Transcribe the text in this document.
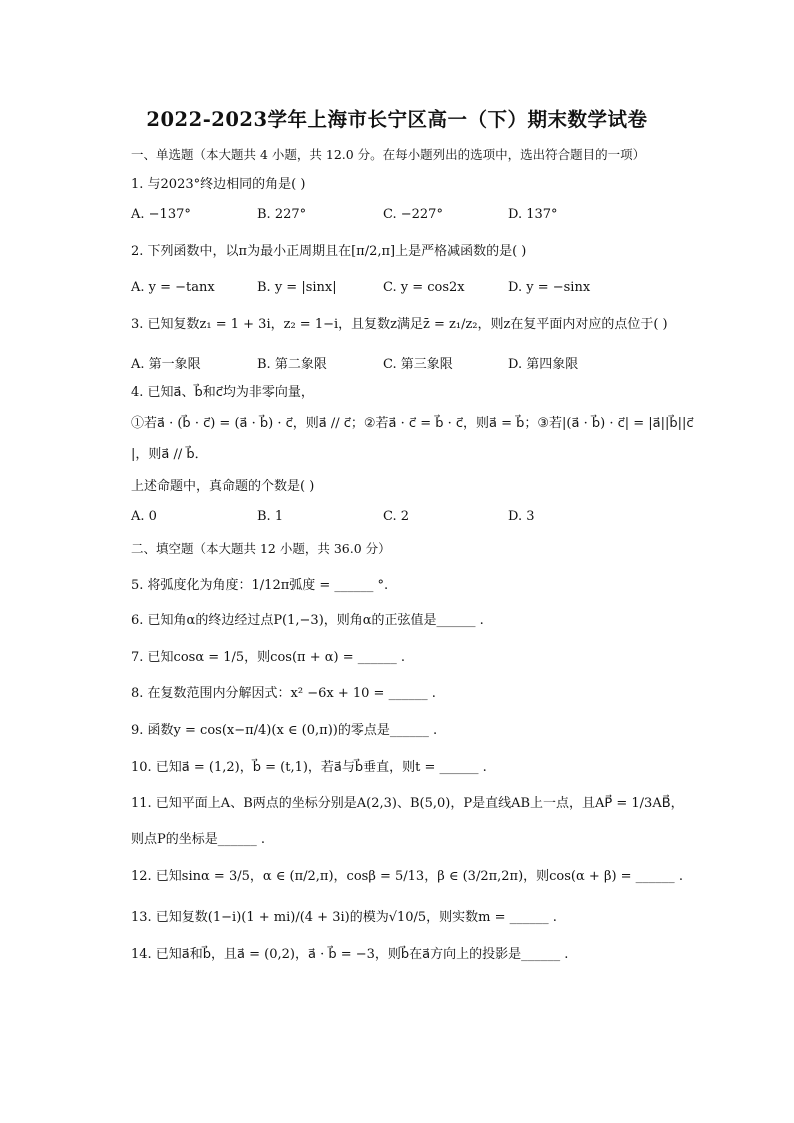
2022-2023学年上海市长宁区高一（下）期末数学试卷
一、单选题（本大题共 4 小题，共 12.0 分。在每小题列出的选项中，选出符合题目的一项）
1. 与2023°终边相同的角是( )
A. −137°	B. 227°	C. −227°	D. 137°
2. 下列函数中，以π为最小正周期且在[π/2,π]上是严格减函数的是( )
A. y = −tanx	B. y = |sinx|	C. y = cos2x	D. y = −sinx
3. 已知复数z₁ = 1 + 3i，z₂ = 1−i，且复数z满足z̄ = z₁/z₂，则z在复平面内对应的点位于( )
A. 第一象限	B. 第二象限	C. 第三象限	D. 第四象限
4. 已知a⃗、b⃗和c⃗均为非零向量，
①若a⃗ · (b⃗ · c⃗) = (a⃗ · b⃗) · c⃗，则a⃗ // c⃗；②若a⃗ · c⃗ = b⃗ · c⃗，则a⃗ = b⃗；③若|(a⃗ · b⃗) · c⃗| = |a⃗||b⃗||c⃗
|，则a⃗ // b⃗．
上述命题中，真命题的个数是( )
A. 0	B. 1	C. 2	D. 3
二、填空题（本大题共 12 小题，共 36.0 分）
5. 将弧度化为角度：1/12π弧度 = ______ °.
6. 已知角α的终边经过点P(1,−3)，则角α的正弦值是______ .
7. 已知cosα = 1/5，则cos(π + α) = ______ .
8. 在复数范围内分解因式：x² −6x + 10 = ______ .
9. 函数y = cos(x−π/4)(x ∈ (0,π))的零点是______ .
10. 已知a⃗ = (1,2)，b⃗ = (t,1)，若a⃗与b⃗垂直，则t = ______ .
11. 已知平面上A、B两点的坐标分别是A(2,3)、B(5,0)，P是直线AB上一点，且AP⃗ = 1/3AB⃗，
则点P的坐标是______ .
12. 已知sinα = 3/5，α ∈ (π/2,π)，cosβ = 5/13，β ∈ (3/2π,2π)，则cos(α + β) = ______ .
13. 已知复数(1−i)(1 + mi)/(4 + 3i)的模为√10/5，则实数m = ______ .
14. 已知a⃗和b⃗，且a⃗ = (0,2)，a⃗ · b⃗ = −3，则b⃗在a⃗方向上的投影是______ .
